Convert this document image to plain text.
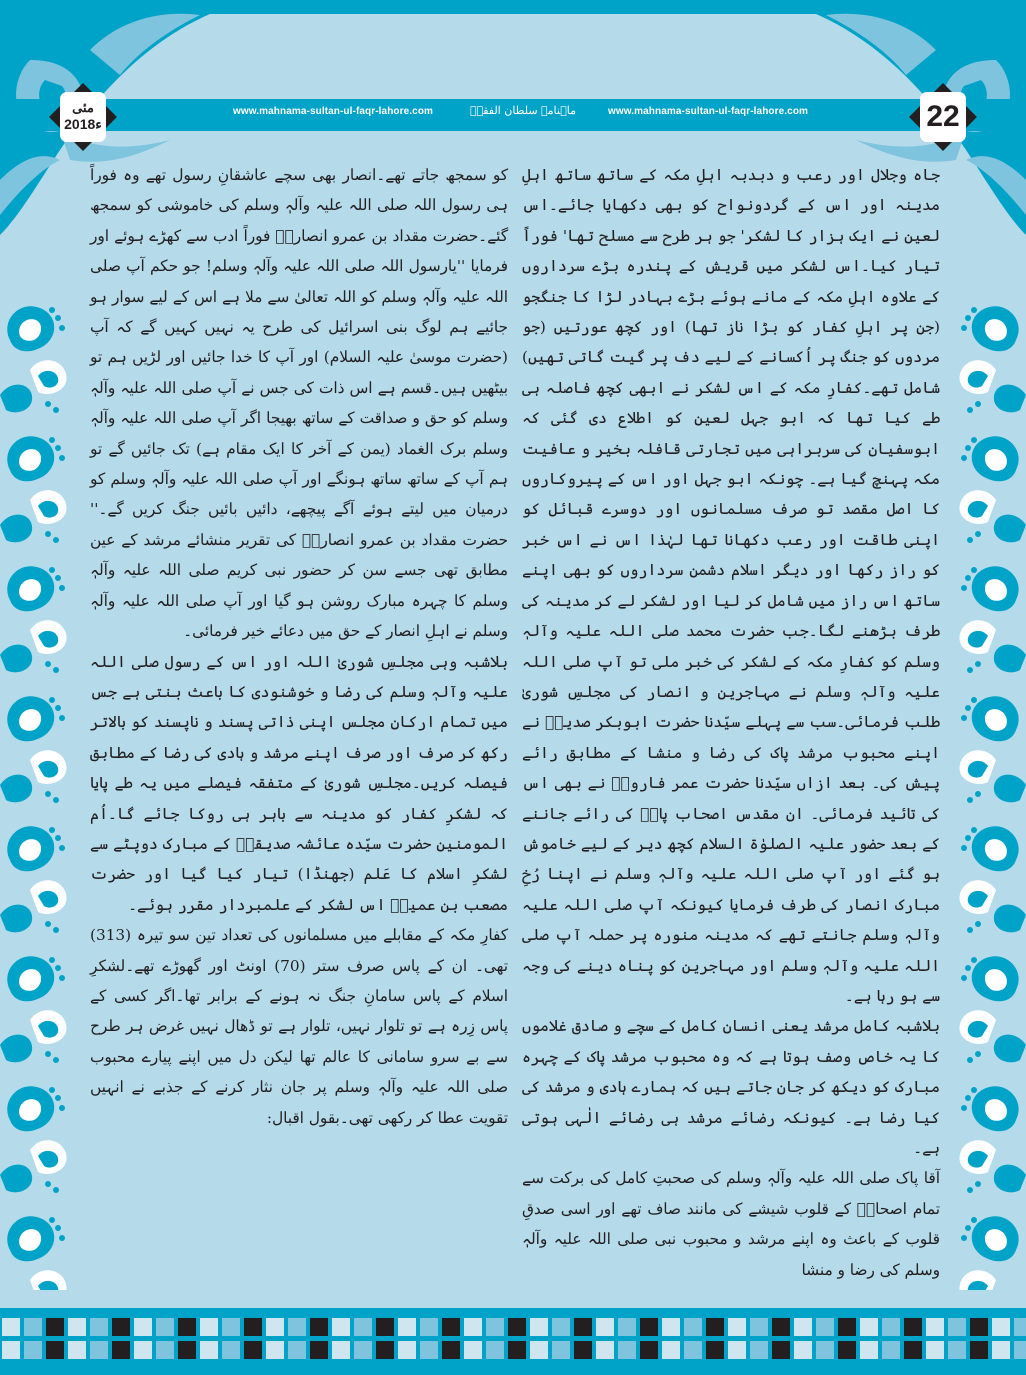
www.mahnama-sultan-ul-faqr-lahore.com	ماہنامہ سلطان الفقرؒ	www.mahnama-sultan-ul-faqr-lahore.com
مئی
2018ء	22

جاہ وجلال اور رعب و دبدبہ اہلِ مکہ کے ساتھ ساتھ اہلِ مدینہ اور اس کے گردونواح کو بھی دکھایا جائے۔اس لعین نے ایک ہزار کا لشکر' جو ہر طرح سے مسلح تھا' فوراً تیار کیا۔اس لشکر میں قریش کے پندرہ بڑے سرداروں کے علاوہ اہلِ مکہ کے مانے ہوئے بڑے بہادر لڑا کا جنگجو (جن پر اہلِ کفار کو بڑا ناز تھا) اور کچھ عورتیں (جو مردوں کو جنگ پر اُکسانے کے لیے دف پر گیت گاتی تھیں) شامل تھے۔کفارِ مکہ کے اس لشکر نے ابھی کچھ فاصلہ ہی طے کیا تھا کہ ابو جہل لعین کو اطلاع دی گئی کہ ابوسفیان کی سربراہی میں تجارتی قافلہ بخیر و عافیت مکہ پہنچ گیا ہے۔ چونکہ ابو جہل اور اس کے پیروکاروں کا اصل مقصد تو صرف مسلمانوں اور دوسرے قبائل کو اپنی طاقت اور رعب دکھانا تھا لہٰذا اس نے اس خبر کو راز رکھا اور دیگر اسلام دشمن سرداروں کو بھی اپنے ساتھ اس راز میں شامل کر لیا اور لشکر لے کر مدینہ کی طرف بڑھنے لگا۔جب حضرت محمد صلی اللہ علیہ وآلہٖ وسلم کو کفارِ مکہ کے لشکر کی خبر ملی تو آپ صلی اللہ علیہ وآلہٖ وسلم نے مہاجرین و انصار کی مجلسِ شوریٰ طلب فرمائی۔سب سے پہلے سیّدنا حضرت ابوبکر صدیقؓ نے اپنے محبوب مرشد پاک کی رضا و منشا کے مطابق رائے پیش کی۔ بعد ازاں سیّدنا حضرت عمر فاروقؓ نے بھی اس کی تائید فرمائی۔ ان مقدس اصحاب پاکؓ کی رائے جاننے کے بعد حضور علیہ الصلوٰۃ السلام کچھ دیر کے لیے خاموش ہو گئے اور آپ صلی اللہ علیہ وآلہٖ وسلم نے اپنا رُخِ مبارک انصار کی طرف فرمایا کیونکہ آپ صلی اللہ علیہ وآلہٖ وسلم جانتے تھے کہ مدینہ منورہ پر حملہ آپ صلی اللہ علیہ وآلہٖ وسلم اور مہاجرین کو پناہ دینے کی وجہ سے ہو رہا ہے۔

بلاشبہ کامل مرشد یعنی انسانِ کامل کے سچے و صادق غلاموں کا یہ خاص وصف ہوتا ہے کہ وہ محبوب مرشد پاک کے چہرہ مبارک کو دیکھ کر جان جاتے ہیں کہ ہمارے ہادی و مرشد کی کیا رضا ہے۔ کیونکہ رضائے مرشد ہی رضائے الٰہی ہوتی ہے۔

آقا پاک صلی اللہ علیہ وآلہٖ وسلم کی صحبتِ کامل کی برکت سے تمام اصحابؓ کے قلوب شیشے کی مانند صاف تھے اور اسی صدقِ قلوب کے باعث وہ اپنے مرشد و محبوب نبی صلی اللہ علیہ وآلہٖ وسلم کی رضا و منشا

کو سمجھ جاتے تھے۔انصار بھی سچے عاشقانِ رسول تھے وہ فوراً ہی رسول اللہ صلی اللہ علیہ وآلہٖ وسلم کی خاموشی کو سمجھ گئے۔حضرت مقداد بن عمرو انصاریؓ فوراً ادب سے کھڑے ہوئے اور فرمایا ''یارسول اللہ صلی اللہ علیہ وآلہٖ وسلم! جو حکم آپ صلی اللہ علیہ وآلہٖ وسلم کو اللہ تعالیٰ سے ملا ہے اس کے لیے سوار ہو جائیے ہم لوگ بنی اسرائیل کی طرح یہ نہیں کہیں گے کہ آپ (حضرت موسیٰ علیہ السلام) اور آپ کا خدا جائیں اور لڑیں ہم تو بیٹھیں ہیں۔قسم ہے اس ذات کی جس نے آپ صلی اللہ علیہ وآلہٖ وسلم کو حق و صداقت کے ساتھ بھیجا اگر آپ صلی اللہ علیہ وآلہٖ وسلم برک الغماد (یمن کے آخر کا ایک مقام ہے) تک جائیں گے تو ہم آپ کے ساتھ ساتھ ہونگے اور آپ صلی اللہ علیہ وآلہٖ وسلم کو درمیان میں لیتے ہوئے آگے پیچھے، دائیں بائیں جنگ کریں گے۔'' حضرت مقداد بن عمرو انصاریؓ کی تقریر منشائے مرشد کے عین مطابق تھی جسے سن کر حضور نبی کریم صلی اللہ علیہ وآلہٖ وسلم کا چہرہ مبارک روشن ہو گیا اور آپ صلی اللہ علیہ وآلہٖ وسلم نے اہلِ انصار کے حق میں دعائے خیر فرمائی۔

بلاشبہ وہی مجلسِ شوریٰ اللہ اور اس کے رسول صلی اللہ علیہ وآلہٖ وسلم کی رضا و خوشنودی کا باعث بنتی ہے جس میں تمام ارکانِ مجلس اپنی ذاتی پسند و ناپسند کو بالاتر رکھ کر صرف اور صرف اپنے مرشد و ہادی کی رضا کے مطابق فیصلہ کریں۔مجلسِ شوریٰ کے متفقہ فیصلے میں یہ طے پایا کہ لشکرِ کفار کو مدینہ سے باہر ہی روکا جائے گا۔اُم المومنین حضرت سیّدہ عائشہ صدیقہؓ کے مبارک دوپٹے سے لشکرِ اسلام کا عَلم (جھنڈا) تیار کیا گیا اور حضرت مصعب بن عمیرؓ اس لشکر کے علمبردار مقرر ہوئے۔

کفارِ مکہ کے مقابلے میں مسلمانوں کی تعداد تین سو تیرہ (313) تھی۔ ان کے پاس صرف ستر (70) اونٹ اور گھوڑے تھے۔لشکرِ اسلام کے پاس سامانِ جنگ نہ ہونے کے برابر تھا۔اگر کسی کے پاس زِرہ ہے تو تلوار نہیں، تلوار ہے تو ڈھال نہیں غرض ہر طرح سے بے سرو سامانی کا عالم تھا لیکن دل میں اپنے پیارے محبوب صلی اللہ علیہ وآلہٖ وسلم پر جان نثار کرنے کے جذبے نے انہیں تقویت عطا کر رکھی تھی۔بقول اقبال:
